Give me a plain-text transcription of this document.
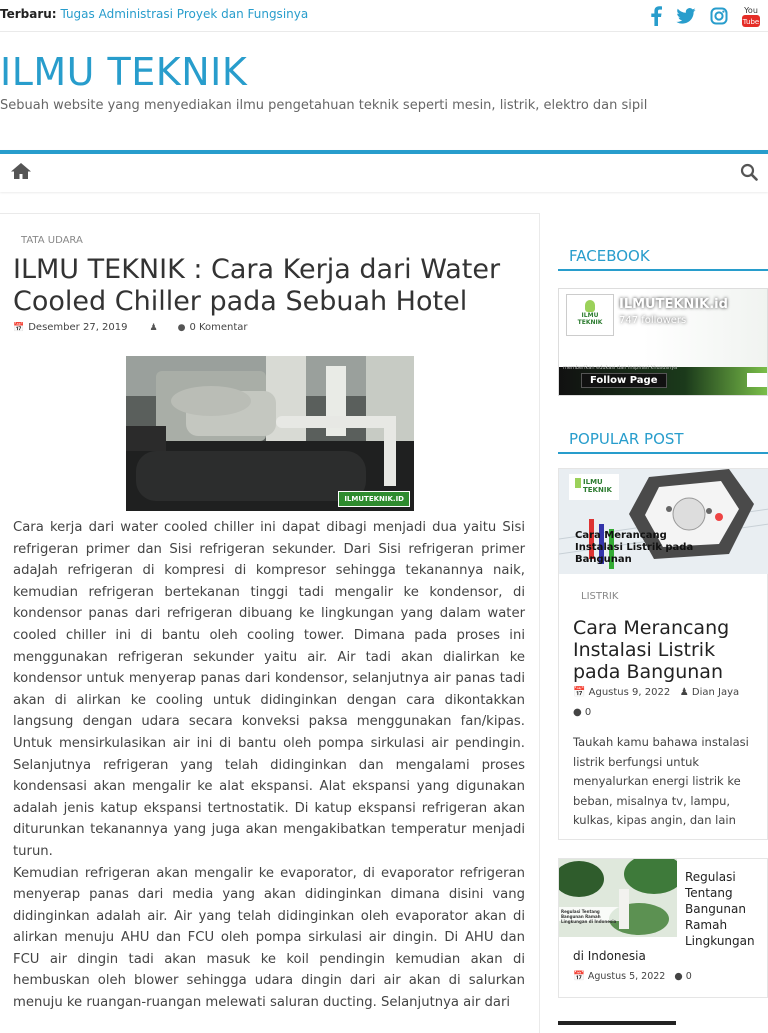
Terbaru: Tugas Administrasi Proyek dan Fungsinya	You
Tube
ILMU TEKNIK
Sebuah website yang menyediakan ilmu pengetahuan teknik seperti mesin, listrik, elektro dan sipil
TATA UDARA
ILMU TEKNIK : Cara Kerja dari Water Cooled Chiller pada Sebuah Hotel
📅 Desember 27, 2019 ♟ ● 0 Komentar
ILMUTEKNIK.ID

Cara kerja dari water cooled chiller ini dapat dibagi menjadi dua yaitu Sisi refrigeran primer dan Sisi refrigeran sekunder. Dari Sisi refrigeran primer adaJah refrigeran di kompresi di kompresor sehingga tekanannya naik, kemudian refrigeran bertekanan tinggi tadi mengalir ke kondensor, di kondensor panas dari refrigeran dibuang ke lingkungan yang dalam water cooled chiller ini di bantu oleh cooling tower. Dimana pada proses ini menggunakan refrigeran sekunder yaitu air. Air tadi akan dialirkan ke kondensor untuk menyerap panas dari kondensor, selanjutnya air panas tadi akan di alirkan ke cooling untuk didinginkan dengan cara dikontakkan langsung dengan udara secara konveksi paksa menggunakan fan/kipas. Untuk mensirkulasikan air ini di bantu oleh pompa sirkulasi air pendingin. Selanjutnya refrigeran yang telah didinginkan dan mengalami proses kondensasi akan mengalir ke alat ekspansi. Alat ekspansi yang digunakan adalah jenis katup ekspansi tertnostatik. Di katup ekspansi refrigeran akan diturunkan tekanannya yang juga akan mengakibatkan temperatur menjadi turun.

Kemudian refrigeran akan mengalir ke evaporator, di evaporator refrigeran menyerap panas dari media yang akan didinginkan dimana disini vang didinginkan adalah air. Air yang telah didinginkan oleh evaporator akan di alirkan menuju AHU dan FCU oleh pompa sirkulasi air dingin. Di AHU dan FCU air dingin tadi akan masuk ke koil pendingin kemudian akan di hembuskan oleh blower sehingga udara dingin dari air akan di salurkan menuju ke ruangan-ruangan melewati saluran ducting. Selanjutnya air dari

FACEBOOK
ILMU
TEKNIK
ILMUTEKNIK.id
747 followers
memberikan edukasi dan inspirasi khususnya
Follow Page
POPULAR POST
ILMU
TEKNIK
Cara Merancang Instalasi Listrik pada Bangunan
LISTRIK
Cara Merancang Instalasi Listrik pada Bangunan
📅 Agustus 9, 2022 ♟ Dian Jaya
● 0
Taukah kamu bahawa instalasi listrik berfungsi untuk menyalurkan energi listrik ke beban, misalnya tv, lampu, kulkas, kipas angin, dan lain
Regulasi Tentang Bangunan Ramah Lingkungan di Indonesia
Regulasi Tentang Bangunan Ramah Lingkungan
di Indonesia
📅 Agustus 5, 2022 ● 0
